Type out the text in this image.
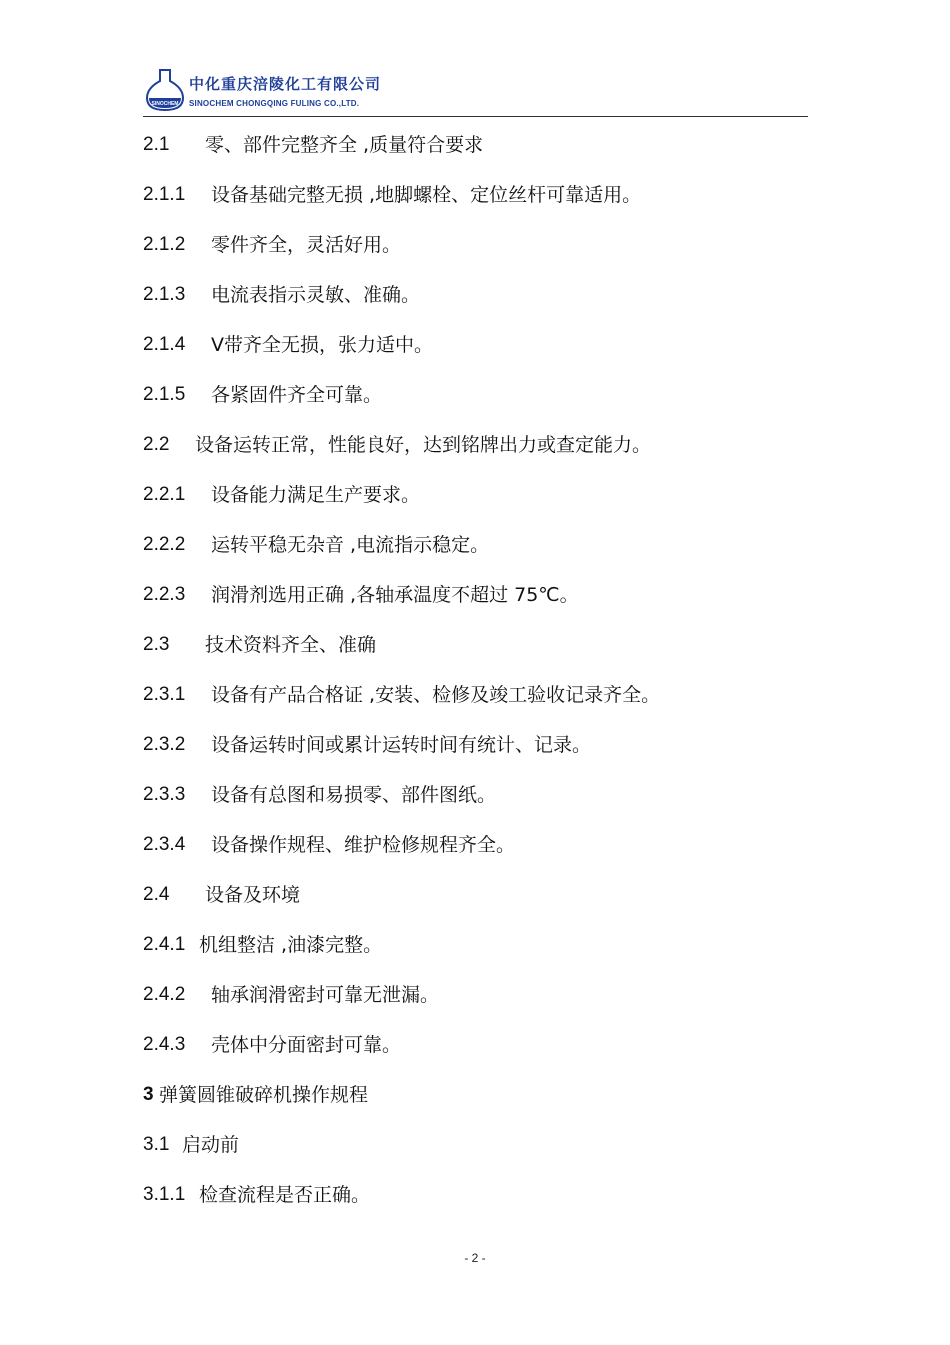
SINOCHEM
中化重庆涪陵化工有限公司
SINOCHEM CHONGQING FULING CO.,LTD.
2.1	零、部件完整齐全 ,质量符合要求
2.1.1	设备基础完整无损 ,地脚螺栓、定位丝杆可靠适用。
2.1.2	零件齐全，灵活好用。
2.1.3	电流表指示灵敏、准确。
2.1.4	V带齐全无损，张力适中。
2.1.5	各紧固件齐全可靠。
2.2	设备运转正常，性能良好，达到铭牌出力或查定能力。
2.2.1	设备能力满足生产要求。
2.2.2	运转平稳无杂音 ,电流指示稳定。
2.2.3	润滑剂选用正确 ,各轴承温度不超过 75℃。
2.3	技术资料齐全、准确
2.3.1	设备有产品合格证 ,安装、检修及竣工验收记录齐全。
2.3.2	设备运转时间或累计运转时间有统计、记录。
2.3.3	设备有总图和易损零、部件图纸。
2.3.4	设备操作规程、维护检修规程齐全。
2.4	设备及环境
2.4.1 机组整洁 ,油漆完整。
2.4.2	轴承润滑密封可靠无泄漏。
2.4.3	壳体中分面密封可靠。
3 弹簧圆锥破碎机操作规程
3.1 启动前
3.1.1 检查流程是否正确。
- 2 -
